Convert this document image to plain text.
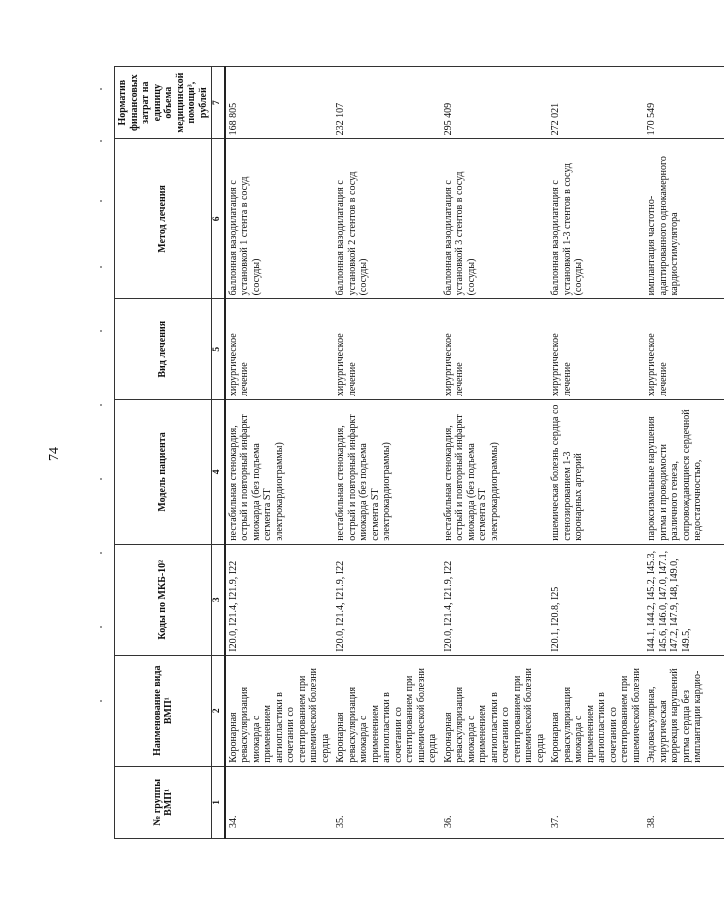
74
№ группы ВМП¹	Наименование вида ВМП¹	Коды по МКБ-10²	Модель пациента	Вид лечения	Метод лечения	Норматив финансовых затрат на единицу объема медицинской помощи³, рублей
1	2	3	4	5	6	7
34.	Коронарная реваскуляризация миокарда с применением ангиопластики в сочетании со стентированием при ишемической болезни сердца	I20.0, I21.4, I21.9, I22	нестабильная стенокардия, острый и повторный инфаркт миокарда (без подъема сегмента ST электрокардиограммы)	хирургическое лечение	баллонная вазодилатация с установкой 1 стента в сосуд (сосуды)	168 805
35.	Коронарная реваскуляризация миокарда с применением ангиопластики в сочетании со стентированием при ишемической болезни сердца	I20.0, I21.4, I21.9, I22	нестабильная стенокардия, острый и повторный инфаркт миокарда (без подъема сегмента ST электрокардиограммы)	хирургическое лечение	баллонная вазодилатация с установкой 2 стентов в сосуд (сосуды)	232 107
36.	Коронарная реваскуляризация миокарда с применением ангиопластики в сочетании со стентированием при ишемической болезни сердца	I20.0, I21.4, I21.9, I22	нестабильная стенокардия, острый и повторный инфаркт миокарда (без подъема сегмента ST электрокардиограммы)	хирургическое лечение	баллонная вазодилатация с установкой 3 стентов в сосуд (сосуды)	295 409
37.	Коронарная реваскуляризация миокарда с применением ангиопластики в сочетании со стентированием при ишемической болезни	I20.1, I20.8, I25	ишемическая болезнь сердца со стенозированием 1-3 коронарных артерий	хирургическое лечение	баллонная вазодилатация с установкой 1-3 стентов в сосуд (сосуды)	272 021
38.	Эндоваскулярная, хирургическая коррекция нарушений ритма сердца без имплантации кардио-	I44.1, I44.2, I45.2, I45.3, I45.6, I46.0, I47.0, I47.1, I47.2, I47.9, I48, I49.0, I49.5,	пароксизмальные нарушения ритма и проводимости различного генеза, сопровождающиеся сердечной недостаточностью,	хирургическое лечение	имплантация частотно-адаптированного однокамерного кардиостимулятора	170 549
